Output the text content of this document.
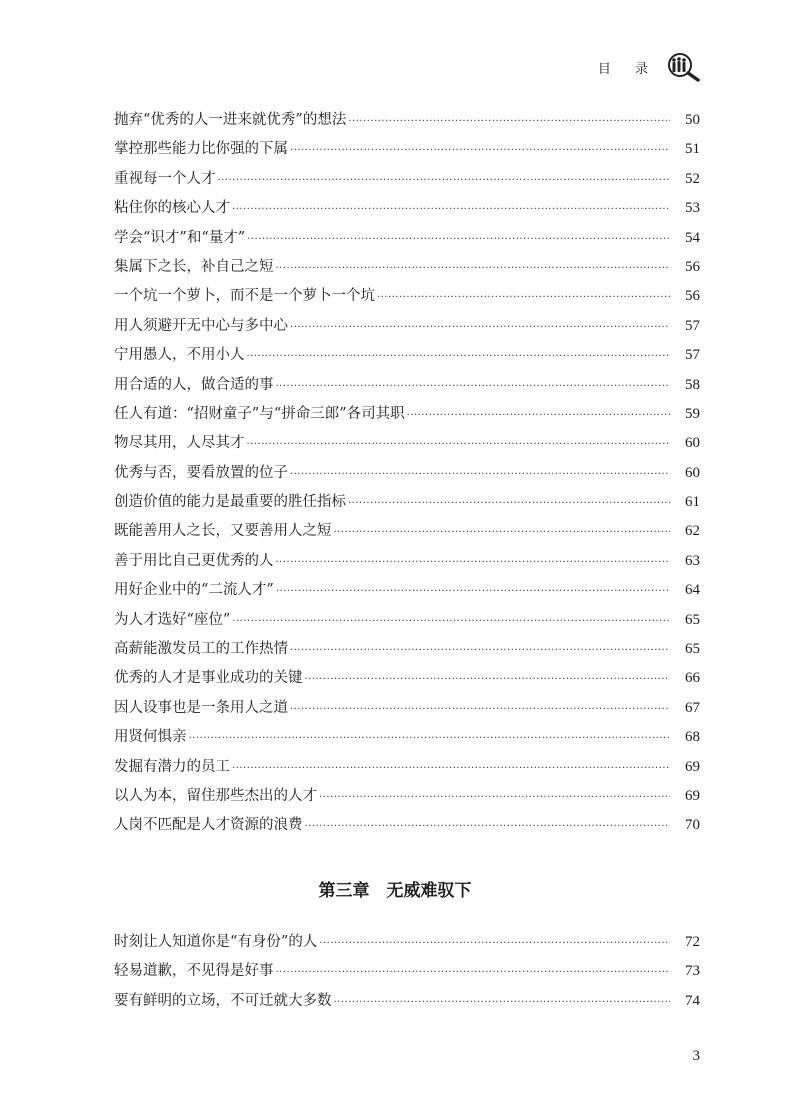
目 录
抛弃“优秀的人一进来就优秀”的想法 ·····	50
掌控那些能力比你强的下属 ·····	51
重视每一个人才 ·····	52
粘住你的核心人才 ·····	53
学会“识才”和“量才” ·····	54
集属下之长，补自己之短 ·····	56
一个坑一个萝卜，而不是一个萝卜一个坑 ·····	56
用人须避开无中心与多中心 ·····	57
宁用愚人，不用小人 ·····	57
用合适的人，做合适的事 ·····	58
任人有道：“招财童子”与“拼命三郎”各司其职 ·····	59
物尽其用，人尽其才 ·····	60
优秀与否，要看放置的位子 ·····	60
创造价值的能力是最重要的胜任指标 ·····	61
既能善用人之长，又要善用人之短 ·····	62
善于用比自己更优秀的人 ·····	63
用好企业中的“二流人才” ·····	64
为人才选好“座位” ·····	65
高薪能激发员工的工作热情 ·····	65
优秀的人才是事业成功的关键 ·····	66
因人设事也是一条用人之道 ·····	67
用贤何惧亲 ·····	68
发掘有潜力的员工 ·····	69
以人为本，留住那些杰出的人才 ·····	69
人岗不匹配是人才资源的浪费 ·····	70
第三章　无威难驭下
时刻让人知道你是“有身份”的人 ·····	72
轻易道歉，不见得是好事 ·····	73
要有鲜明的立场，不可迁就大多数 ·····	74
3
